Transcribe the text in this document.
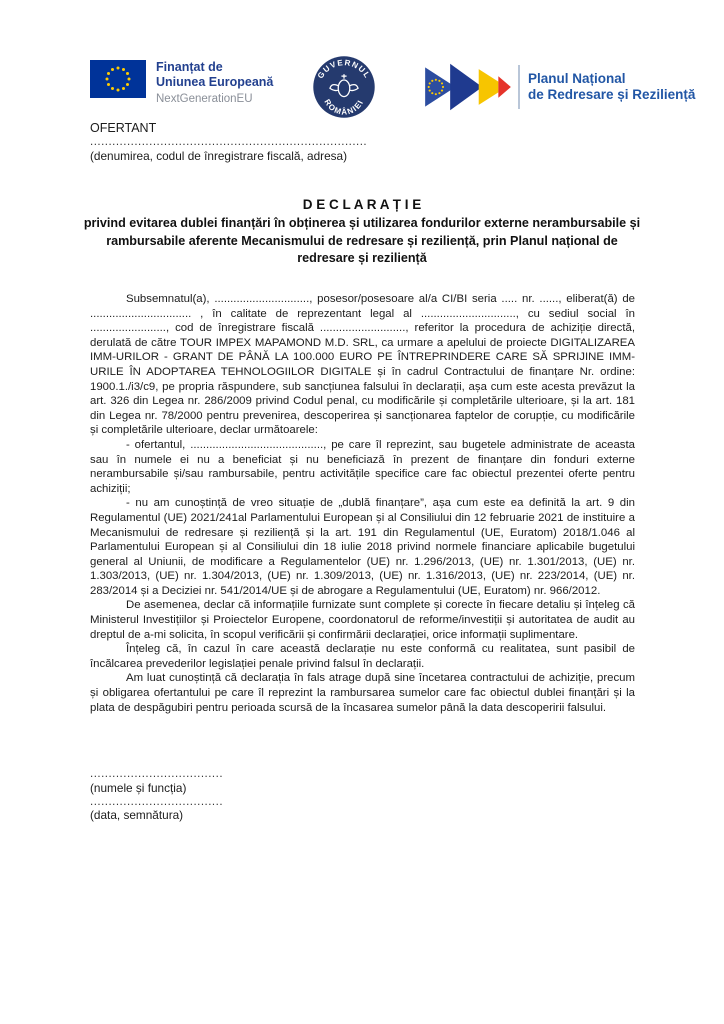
Finanțat de
Uniunea Europeană
NextGenerationEU
GUVERNUL
ROMÂNIEI
Planul Național
de Redresare și Reziliență
OFERTANT
...........................................................................
(denumirea, codul de înregistrare fiscală, adresa)
D E C L A R A Ț I E
privind evitarea dublei finanțări în obținerea și utilizarea fondurilor externe nerambursabile și rambursabile aferente Mecanismului de redresare și reziliență, prin Planul național de redresare și reziliență

Subsemnatul(a), .............................., posesor/posesoare al/a CI/BI seria ..... nr. ......, eliberat(ă) de ................................ , în calitate de reprezentant legal al .............................., cu sediul social în ........................, cod de înregistrare fiscală ..........................., referitor la procedura de achiziție directă, derulată de către TOUR IMPEX MAPAMOND M.D. SRL, ca urmare a apelului de proiecte DIGITALIZAREA IMM-URILOR - GRANT DE PÂNĂ LA 100.000 EURO PE ÎNTREPRINDERE CARE SĂ SPRIJINE IMM-URILE ÎN ADOPTAREA TEHNOLOGIILOR DIGITALE și în cadrul Contractului de finanțare Nr. ordine: 1900.1./i3/c9, pe propria răspundere, sub sancțiunea falsului în declarații, așa cum este acesta prevăzut la art. 326 din Legea nr. 286/2009 privind Codul penal, cu modificările și completările ulterioare, și la art. 181 din Legea nr. 78/2000 pentru prevenirea, descoperirea și sancționarea faptelor de corupție, cu modificările și completările ulterioare, declar următoarele:

- ofertantul, .........................................., pe care îl reprezint, sau bugetele administrate de aceasta sau în numele ei nu a beneficiat și nu beneficiază în prezent de finanțare din fonduri externe nerambursabile și/sau rambursabile, pentru activitățile specifice care fac obiectul prezentei oferte pentru achiziții;

- nu am cunoștință de vreo situație de „dublă finanțare”, așa cum este ea definită la art. 9 din Regulamentul (UE) 2021/241al Parlamentului European și al Consiliului din 12 februarie 2021 de instituire a Mecanismului de redresare și reziliență și la art. 191 din Regulamentul (UE, Euratom) 2018/1.046 al Parlamentului European și al Consiliului din 18 iulie 2018 privind normele financiare aplicabile bugetului general al Uniunii, de modificare a Regulamentelor (UE) nr. 1.296/2013, (UE) nr. 1.301/2013, (UE) nr. 1.303/2013, (UE) nr. 1.304/2013, (UE) nr. 1.309/2013, (UE) nr. 1.316/2013, (UE) nr. 223/2014, (UE) nr. 283/2014 și a Deciziei nr. 541/2014/UE și de abrogare a Regulamentului (UE, Euratom) nr. 966/2012.

De asemenea, declar că informațiile furnizate sunt complete și corecte în fiecare detaliu și înțeleg că Ministerul Investițiilor și Proiectelor Europene, coordonatorul de reforme/investiții și autoritatea de audit au dreptul de a-mi solicita, în scopul verificării și confirmării declarației, orice informații suplimentare.

Înțeleg că, în cazul în care această declarație nu este conformă cu realitatea, sunt pasibil de încălcarea prevederilor legislației penale privind falsul în declarații.

Am luat cunoștință că declarația în fals atrage după sine încetarea contractului de achiziție, precum și obligarea ofertantului pe care îl reprezint la rambursarea sumelor care fac obiectul dublei finanțări și la plata de despăgubiri pentru perioada scursă de la încasarea sumelor până la data descoperirii falsului.

....................................
(numele și funcția)
....................................
(data, semnătura)
